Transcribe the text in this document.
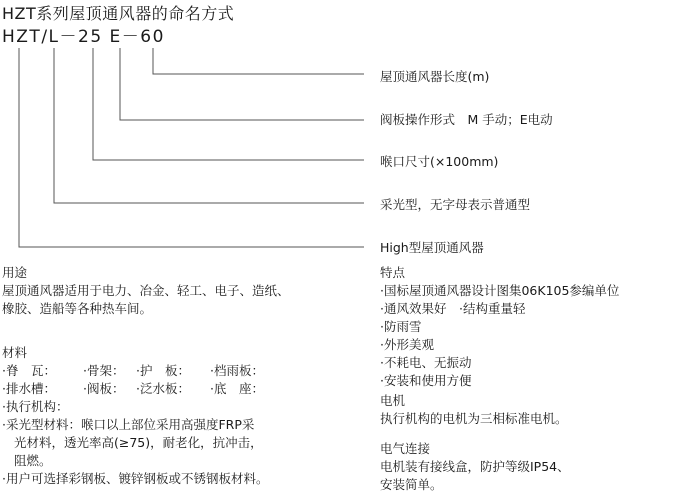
HZT系列屋顶通风器的命名方式
HZT/L－25 E－60
屋顶通风器长度(m)
阀板操作形式　M 手动；E电动
喉口尺寸(×100mm)
采光型，无字母表示普通型
High型屋顶通风器
用途
屋顶通风器适用于电力、冶金、轻工、电子、造纸、
橡胶、造船等各种热车间。
材料
·脊　瓦： ·骨架： ·护　板： ·档雨板：
·排水槽： ·阀板： ·泛水板： ·底　座：
·执行机构：
·采光型材料：喉口以上部位采用高强度FRP采
光材料，透光率高(≥75)，耐老化，抗冲击，
阻燃。
·用户可选择彩钢板、镀锌钢板或不锈钢板材料。
特点
·国标屋顶通风器设计图集06K105参编单位
·通风效果好　·结构重量轻
·防雨雪
·外形美观
·不耗电、无振动
·安装和使用方便
电机
执行机构的电机为三相标准电机。
电气连接
电机装有接线盒，防护等级IP54、
安装简单。
